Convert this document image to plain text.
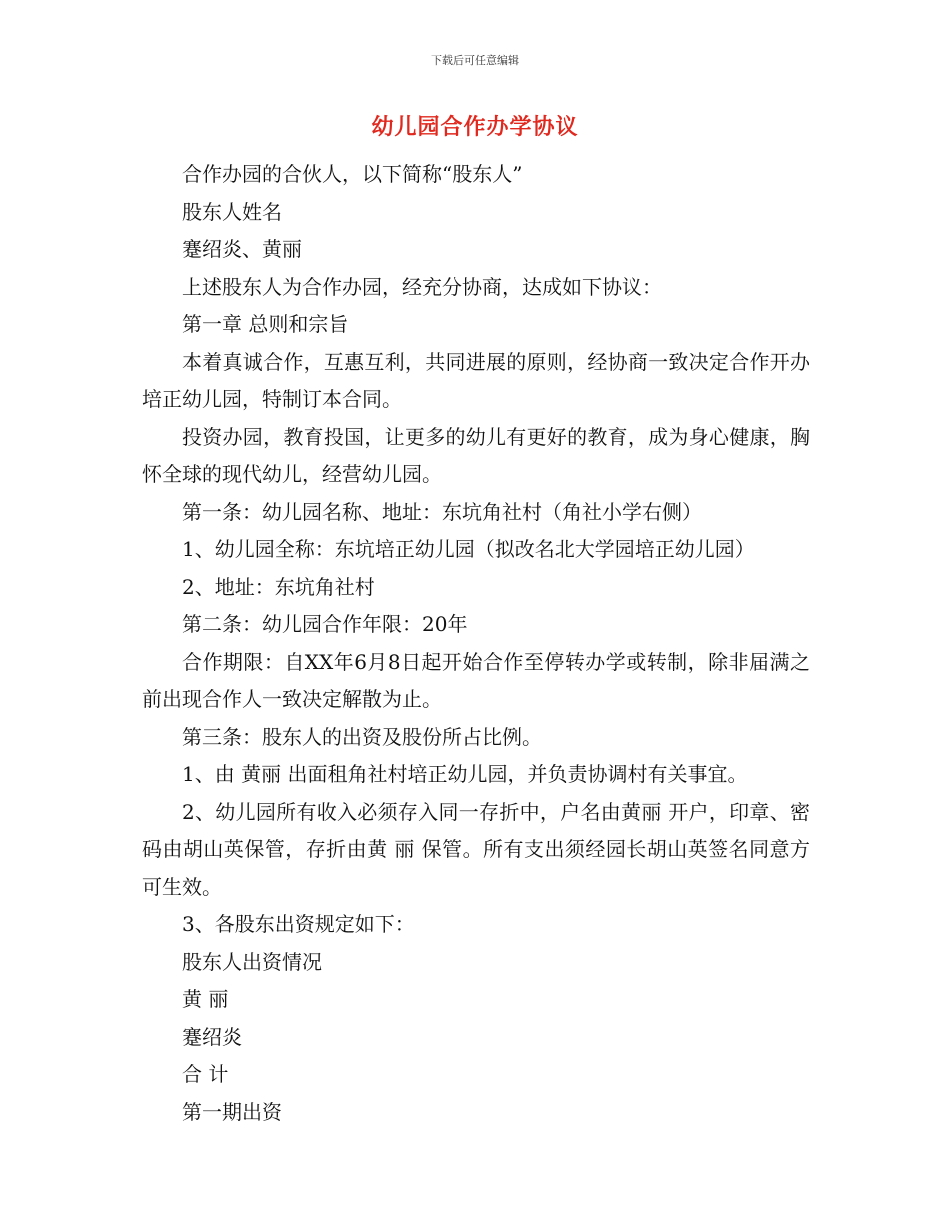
下载后可任意编辑
幼儿园合作办学协议

合作办园的合伙人，以下简称“股东人”

股东人姓名

蹇绍炎、黄丽

上述股东人为合作办园，经充分协商，达成如下协议：

第一章 总则和宗旨

本着真诚合作，互惠互利，共同进展的原则，经协商一致决定合作开办培正幼儿园，特制订本合同。

投资办园，教育投国，让更多的幼儿有更好的教育，成为身心健康，胸怀全球的现代幼儿，经营幼儿园。

第一条：幼儿园名称、地址：东坑角社村（角社小学右侧）

1、幼儿园全称：东坑培正幼儿园（拟改名北大学园培正幼儿园）

2、地址：东坑角社村

第二条：幼儿园合作年限：20年

合作期限：自XX年6月8日起开始合作至停转办学或转制，除非届满之前出现合作人一致决定解散为止。

第三条：股东人的出资及股份所占比例。

1、由 黄丽 出面租角社村培正幼儿园，并负责协调村有关事宜。

2、幼儿园所有收入必须存入同一存折中，户名由黄丽 开户，印章、密码由胡山英保管，存折由黄 丽 保管。所有支出须经园长胡山英签名同意方可生效。

3、各股东出资规定如下：

股东人出资情况

黄 丽

蹇绍炎

合 计

第一期出资
